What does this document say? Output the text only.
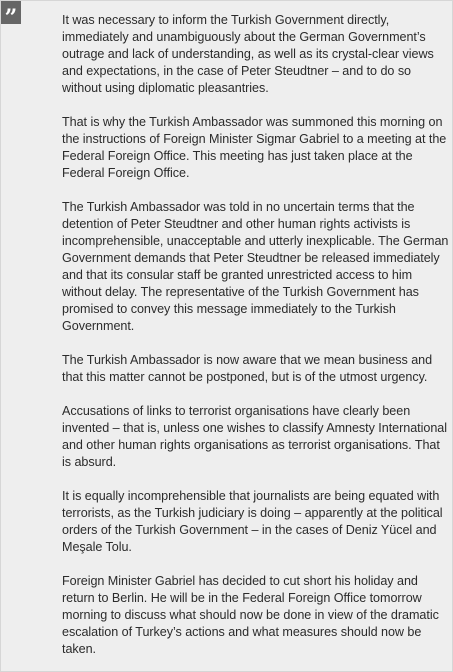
”	It was necessary to inform the Turkish Government directly, immediately and unambiguously about the German Government’s outrage and lack of understanding, as well as its crystal-clear views and expectations, in the case of Peter Steudtner – and to do so without using diplomatic pleasantries.

That is why the Turkish Ambassador was summoned this morning on the instructions of Foreign Minister Sigmar Gabriel to a meeting at the Federal Foreign Office. This meeting has just taken place at the Federal Foreign Office.

The Turkish Ambassador was told in no uncertain terms that the detention of Peter Steudtner and other human rights activists is incomprehensible, unacceptable and utterly inexplicable. The German Government demands that Peter Steudtner be released immediately and that its consular staff be granted unrestricted access to him without delay. The representative of the Turkish Government has promised to convey this message immediately to the Turkish Government.

The Turkish Ambassador is now aware that we mean business and that this matter cannot be postponed, but is of the utmost urgency.

Accusations of links to terrorist organisations have clearly been invented – that is, unless one wishes to classify Amnesty International and other human rights organisations as terrorist organisations. That is absurd.

It is equally incomprehensible that journalists are being equated with terrorists, as the Turkish judiciary is doing – apparently at the political orders of the Turkish Government – in the cases of Deniz Yücel and Meşale Tolu.

Foreign Minister Gabriel has decided to cut short his holiday and return to Berlin. He will be in the Federal Foreign Office tomorrow morning to discuss what should now be done in view of the dramatic escalation of Turkey’s actions and what measures should now be taken.
